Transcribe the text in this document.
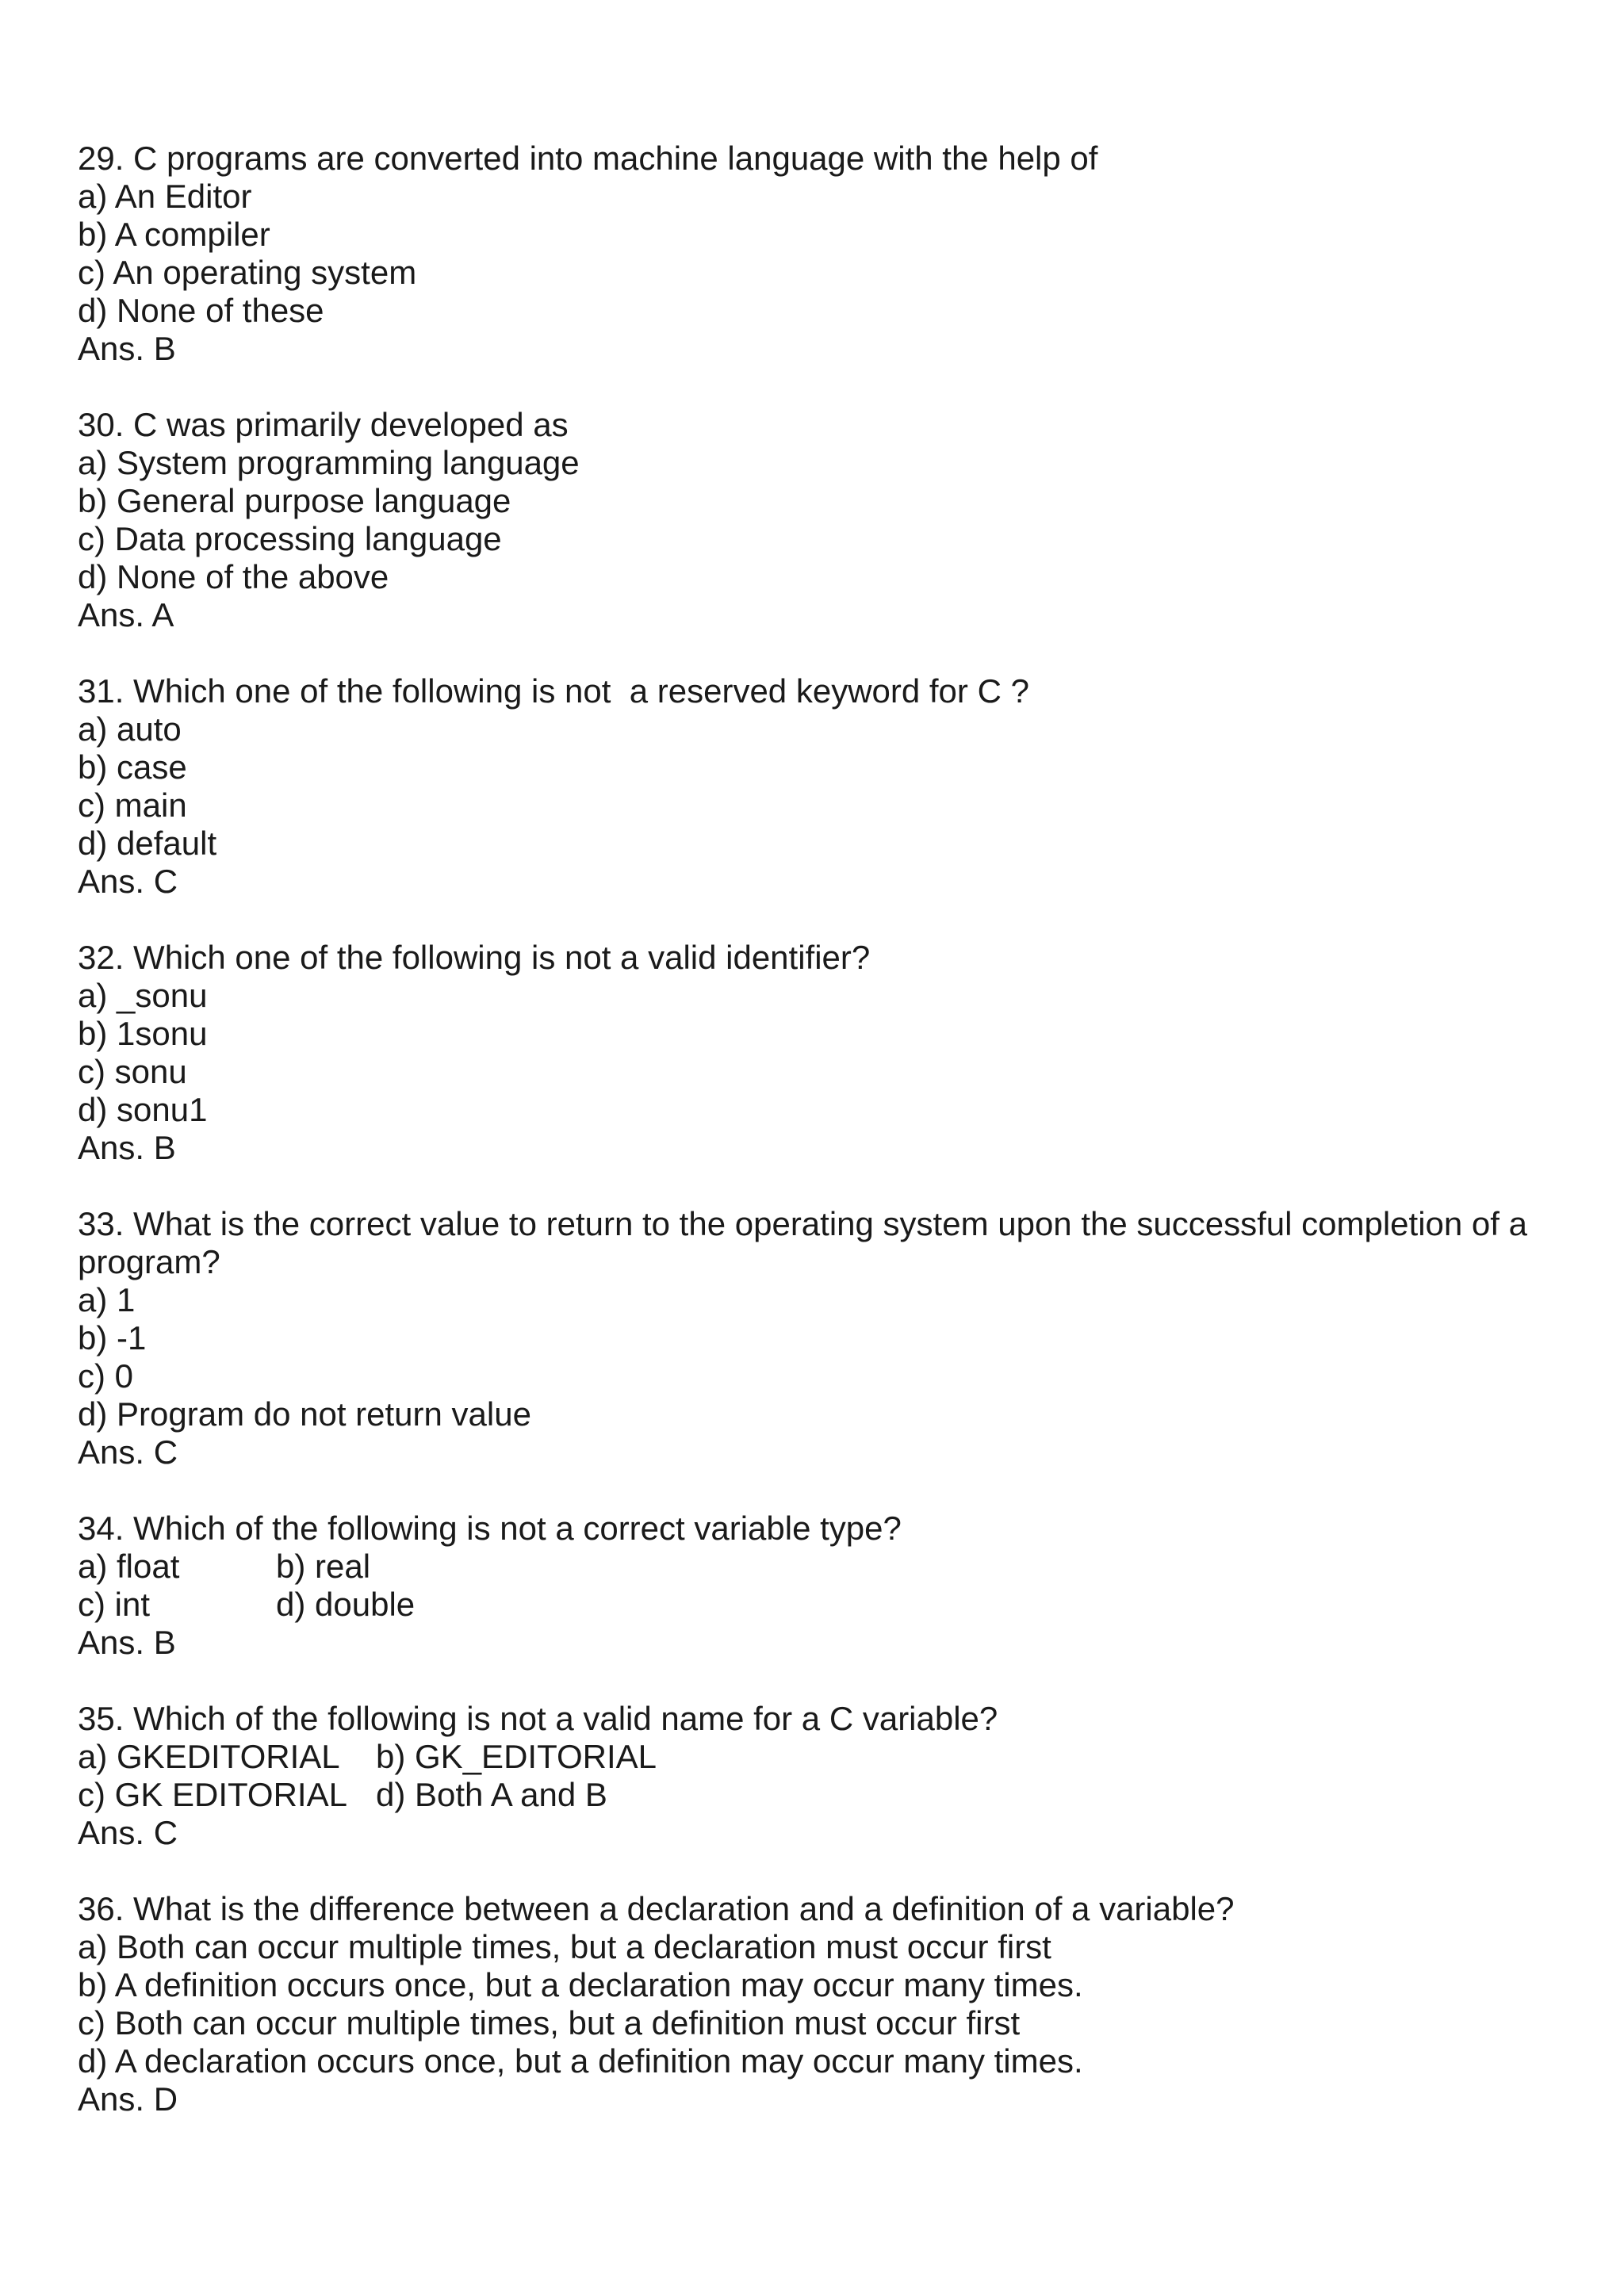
29. C programs are converted into machine language with the help of
a) An Editor
b) A compiler
c) An operating system
d) None of these
Ans. B
30. C was primarily developed as
a) System programming language
b) General purpose language
c) Data processing language
d) None of the above
Ans. A
31. Which one of the following is not  a reserved keyword for C ?
a) auto
b) case
c) main
d) default
Ans. C
32. Which one of the following is not a valid identifier?
a) _sonu
b) 1sonu
c) sonu
d) sonu1
Ans. B
33. What is the correct value to return to the operating system upon the successful completion of a program?
a) 1
b) -1
c) 0
d) Program do not return value
Ans. C
34. Which of the following is not a correct variable type?
a) float	b) real
c) int	d) double
Ans. B
35. Which of the following is not a valid name for a C variable?
a) GKEDITORIAL	b) GK_EDITORIAL
c) GK EDITORIAL d) Both A and B
Ans. C
36. What is the difference between a declaration and a definition of a variable?
a) Both can occur multiple times, but a declaration must occur first
b) A definition occurs once, but a declaration may occur many times.
c) Both can occur multiple times, but a definition must occur first
d) A declaration occurs once, but a definition may occur many times.
Ans. D
